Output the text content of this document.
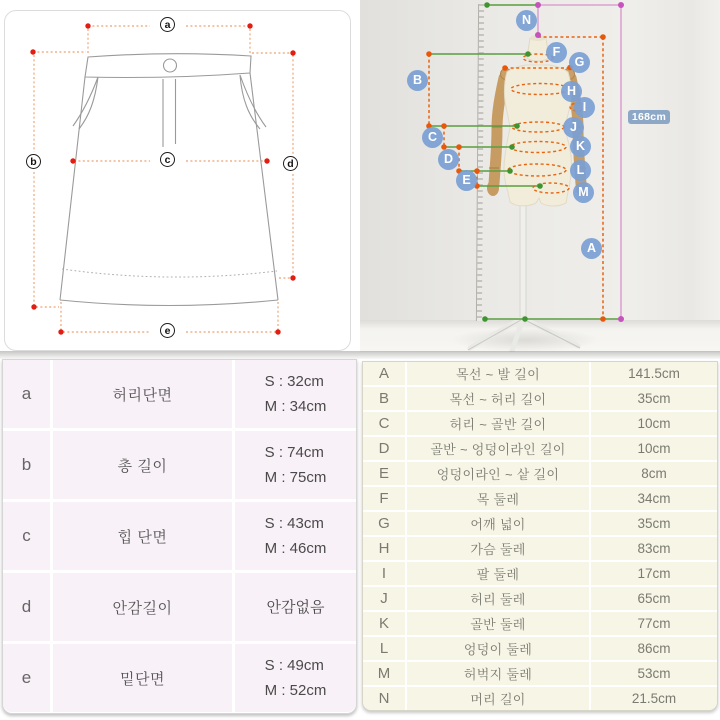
a
b	c	d
e
N
F
G
H
I
J
K
L
M
B
C
D
E
A
168cm
a	허리단면
S : 32cm
M : 34cm
b	총 길이
S : 74cm
M : 75cm
c	힙 단면
S : 43cm
M : 46cm
d	안감길이	안감없음
e	밑단면
S : 49cm
M : 52cm
A	목선 ~ 발 길이	141.5cm
B	목선 ~ 허리 길이	35cm
C	허리 ~ 골반 길이	10cm
D	골반 ~ 엉덩이라인 길이	10cm
E	엉덩이라인 ~ 샅 길이	8cm
F	목 둘레	34cm
G	어깨 넓이	35cm
H	가슴 둘레	83cm
I	팔 둘레	17cm
J	허리 둘레	65cm
K	골반 둘레	77cm
L	엉덩이 둘레	86cm
M	허벅지 둘레	53cm
N	머리 길이	21.5cm
